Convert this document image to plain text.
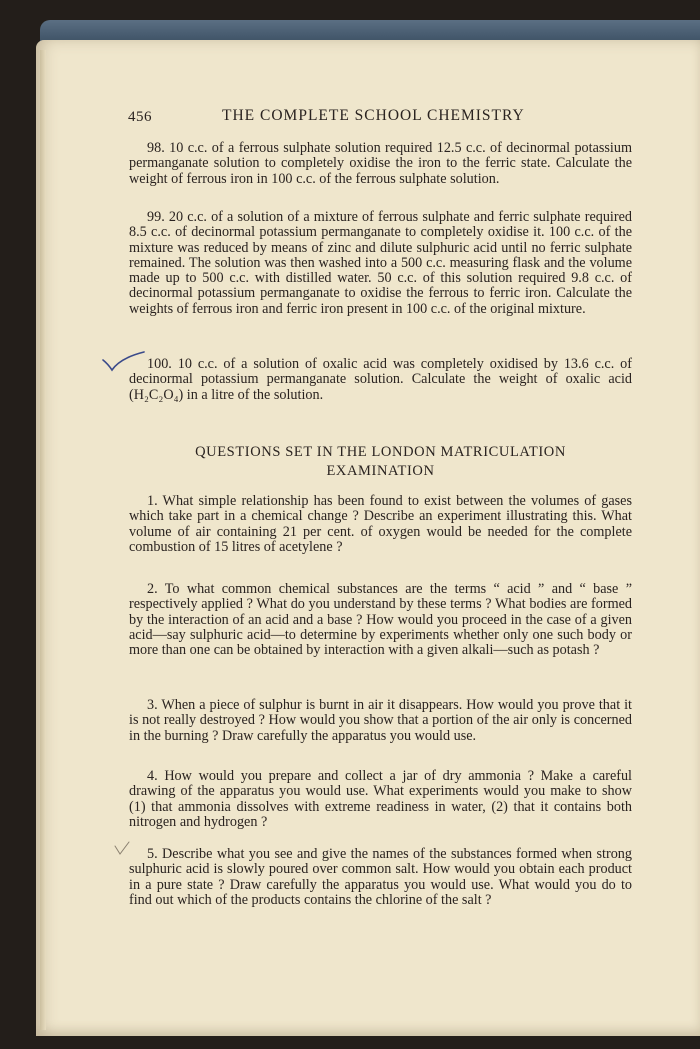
456	THE COMPLETE SCHOOL CHEMISTRY

98. 10 c.c. of a ferrous sulphate solution required 12.5 c.c. of decinormal potassium permanganate solution to completely oxidise the iron to the ferric state. Calculate the weight of ferrous iron in 100 c.c. of the ferrous sulphate solution.

99. 20 c.c. of a solution of a mixture of ferrous sulphate and ferric sulphate required 8.5 c.c. of decinormal potassium permanganate to completely oxidise it. 100 c.c. of the mixture was reduced by means of zinc and dilute sulphuric acid until no ferric sulphate remained. The solution was then washed into a 500 c.c. measuring flask and the volume made up to 500 c.c. with distilled water. 50 c.c. of this solution required 9.8 c.c. of decinormal potassium permanganate to oxidise the ferrous to ferric iron. Calculate the weights of ferrous iron and ferric iron present in 100 c.c. of the original mixture.

100. 10 c.c. of a solution of oxalic acid was completely oxidised by 13.6 c.c. of decinormal potassium permanganate solution. Calculate the weight of oxalic acid (H₂C₂O₄) in a litre of the solution.

QUESTIONS SET IN THE LONDON MATRICULATION

EXAMINATION

1. What simple relationship has been found to exist between the volumes of gases which take part in a chemical change ? Describe an experiment illustrating this. What volume of air containing 21 per cent. of oxygen would be needed for the complete combustion of 15 litres of acetylene ?

2. To what common chemical substances are the terms “ acid ” and “ base ” respectively applied ? What do you understand by these terms ? What bodies are formed by the interaction of an acid and a base ? How would you proceed in the case of a given acid—say sulphuric acid—to determine by experiments whether only one such body or more than one can be obtained by interaction with a given alkali—such as potash ?

3. When a piece of sulphur is burnt in air it disappears. How would you prove that it is not really destroyed ? How would you show that a portion of the air only is concerned in the burning ? Draw carefully the apparatus you would use.

4. How would you prepare and collect a jar of dry ammonia ? Make a careful drawing of the apparatus you would use. What experiments would you make to show (1) that ammonia dissolves with extreme readiness in water, (2) that it contains both nitrogen and hydrogen ?

5. Describe what you see and give the names of the substances formed when strong sulphuric acid is slowly poured over common salt. How would you obtain each product in a pure state ? Draw carefully the apparatus you would use. What would you do to find out which of the products contains the chlorine of the salt ?
